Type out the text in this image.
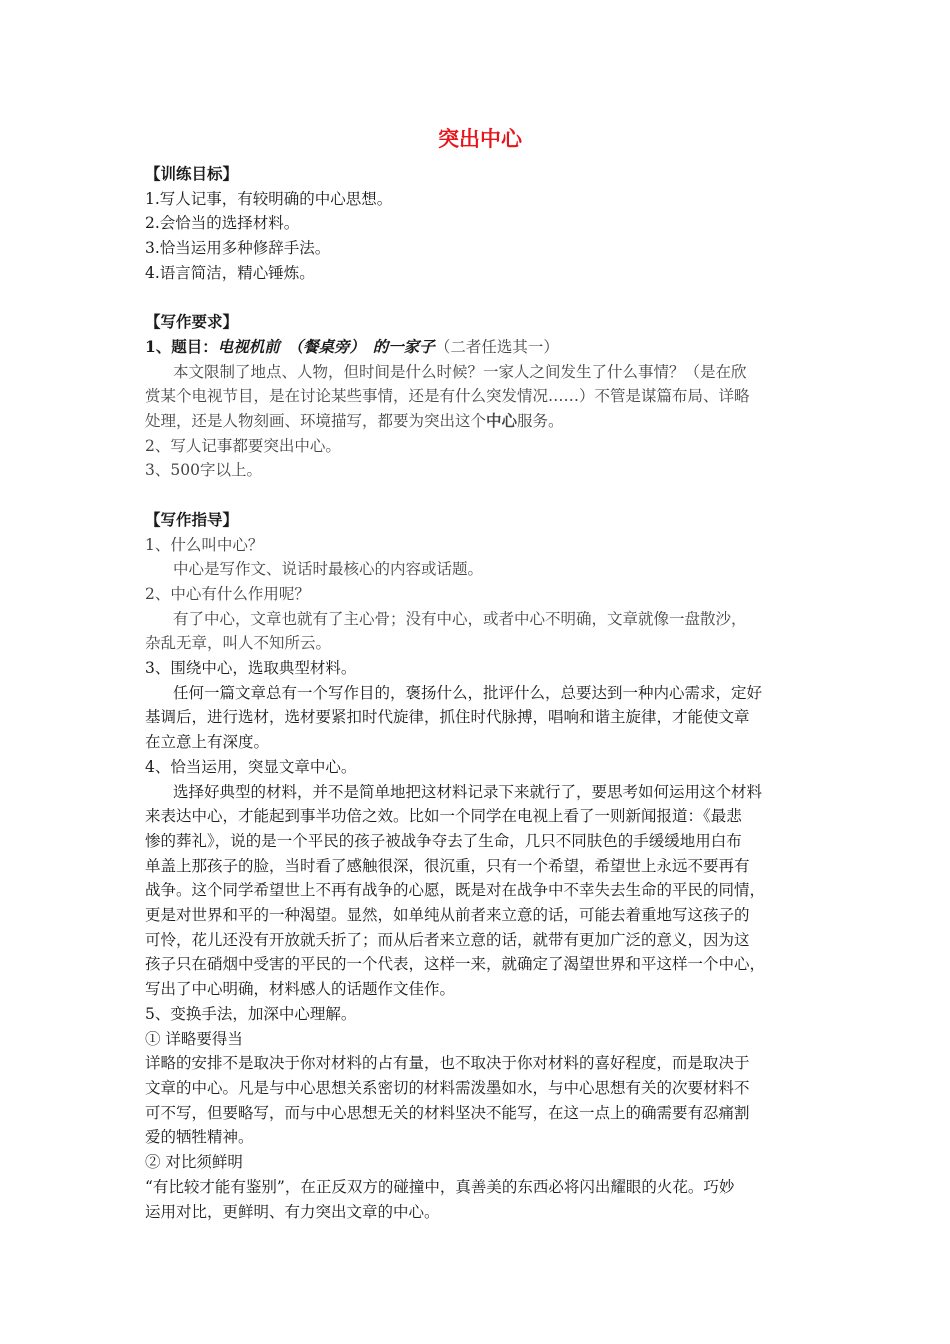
突出中心
【训练目标】
1.写人记事，有较明确的中心思想。
2.会恰当的选择材料。
3.恰当运用多种修辞手法。
4.语言简洁，精心锤炼。
【写作要求】
1、题目：电视机前　（餐桌旁）　的一家子（二者任选其一）
本文限制了地点、人物，但时间是什么时候？一家人之间发生了什么事情？（是在欣
赏某个电视节目，是在讨论某些事情，还是有什么突发情况……）不管是谋篇布局、详略
处理，还是人物刻画、环境描写，都要为突出这个中心服务。
2、写人记事都要突出中心。
3、500字以上。
【写作指导】
1、什么叫中心？
中心是写作文、说话时最核心的内容或话题。
2、中心有什么作用呢？
有了中心，文章也就有了主心骨；没有中心，或者中心不明确，文章就像一盘散沙，
杂乱无章，叫人不知所云。
3、围绕中心，选取典型材料。
任何一篇文章总有一个写作目的，褒扬什么，批评什么，总要达到一种内心需求，定好
基调后，进行选材，选材要紧扣时代旋律，抓住时代脉搏，唱响和谐主旋律，才能使文章
在立意上有深度。
4、恰当运用，突显文章中心。
选择好典型的材料，并不是简单地把这材料记录下来就行了，要思考如何运用这个材料
来表达中心，才能起到事半功倍之效。比如一个同学在电视上看了一则新闻报道：《最悲
惨的葬礼》，说的是一个平民的孩子被战争夺去了生命，几只不同肤色的手缓缓地用白布
单盖上那孩子的脸，当时看了感触很深，很沉重，只有一个希望，希望世上永远不要再有
战争。这个同学希望世上不再有战争的心愿，既是对在战争中不幸失去生命的平民的同情，
更是对世界和平的一种渴望。显然，如单纯从前者来立意的话，可能去着重地写这孩子的
可怜，花儿还没有开放就夭折了；而从后者来立意的话，就带有更加广泛的意义，因为这
孩子只在硝烟中受害的平民的一个代表，这样一来，就确定了渴望世界和平这样一个中心，
写出了中心明确，材料感人的话题作文佳作。
5、变换手法，加深中心理解。
① 详略要得当
详略的安排不是取决于你对材料的占有量，也不取决于你对材料的喜好程度，而是取决于
文章的中心。凡是与中心思想关系密切的材料需泼墨如水，与中心思想有关的次要材料不
可不写，但要略写，而与中心思想无关的材料坚决不能写，在这一点上的确需要有忍痛割
爱的牺牲精神。
② 对比须鲜明
“有比较才能有鉴别”，在正反双方的碰撞中，真善美的东西必将闪出耀眼的火花。巧妙
运用对比，更鲜明、有力突出文章的中心。
